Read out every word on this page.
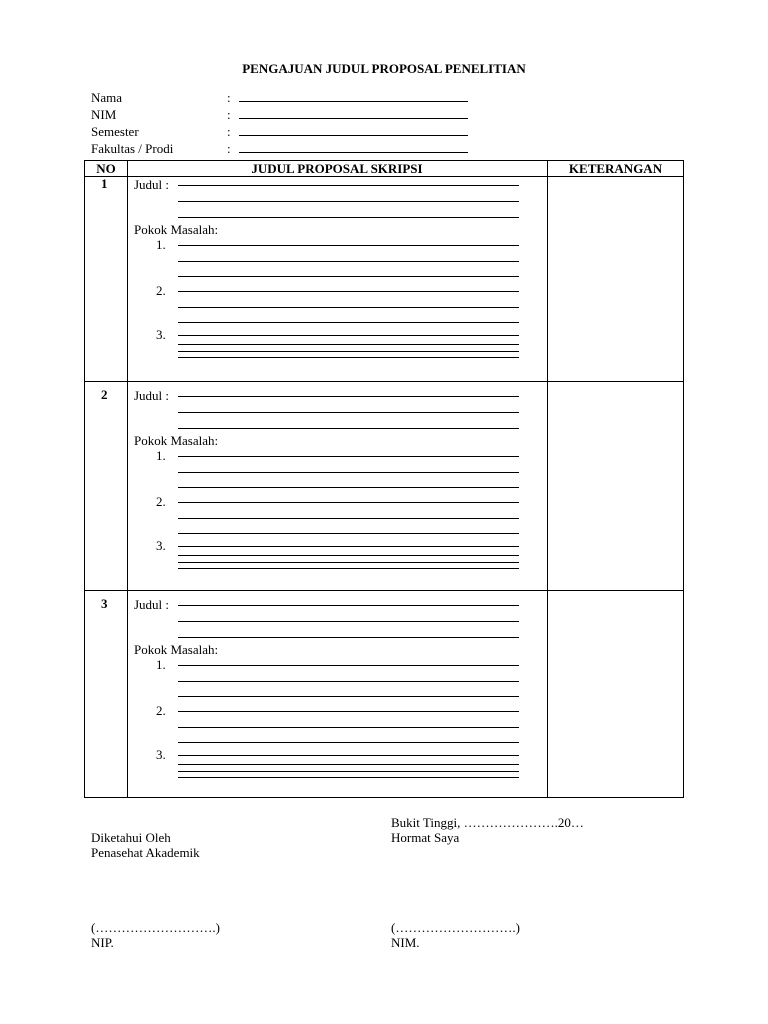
PENGAJUAN JUDUL PROPOSAL PENELITIAN
Nama	:
NIM	:
Semester	:
Fakultas / Prodi	:
NO	JUDUL PROPOSAL SKRIPSI	KETERANGAN
1 Judul :
Pokok Masalah:
1.
2.
3.
2 Judul :
Pokok Masalah:
1.
2.
3.
3 Judul :
Pokok Masalah:
1.
2.
3.
Bukit Tinggi, ………………….20…
Diketahui Oleh	Hormat Saya
Penasehat Akademik
(……………………….)	(……………………….)
NIP.	NIM.
